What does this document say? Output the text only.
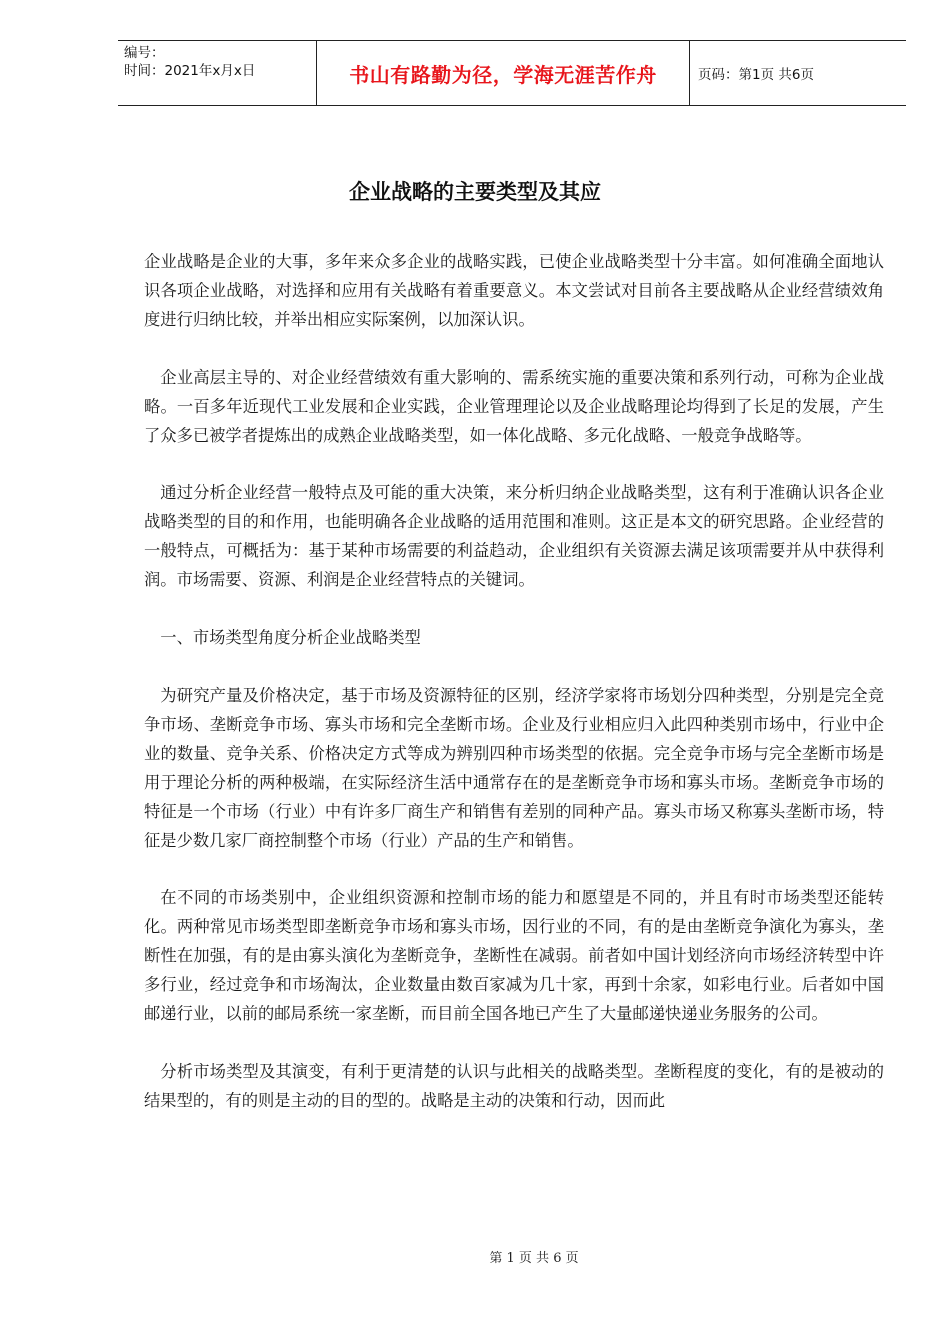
编号：
时间：2021年x月x日	书山有路勤为径，学海无涯苦作舟	页码：第1页 共6页
企业战略的主要类型及其应

企业战略是企业的大事，多年来众多企业的战略实践，已使企业战略类型十分丰富。如何准确全面地认识各项企业战略，对选择和应用有关战略有着重要意义。本文尝试对目前各主要战略从企业经营绩效角度进行归纳比较，并举出相应实际案例，以加深认识。

企业高层主导的、对企业经营绩效有重大影响的、需系统实施的重要决策和系列行动，可称为企业战略。一百多年近现代工业发展和企业实践，企业管理理论以及企业战略理论均得到了长足的发展，产生了众多已被学者提炼出的成熟企业战略类型，如一体化战略、多元化战略、一般竞争战略等。

通过分析企业经营一般特点及可能的重大决策，来分析归纳企业战略类型，这有利于准确认识各企业战略类型的目的和作用，也能明确各企业战略的适用范围和准则。这正是本文的研究思路。企业经营的一般特点，可概括为：基于某种市场需要的利益趋动，企业组织有关资源去满足该项需要并从中获得利润。市场需要、资源、利润是企业经营特点的关键词。

一、市场类型角度分析企业战略类型

为研究产量及价格决定，基于市场及资源特征的区别，经济学家将市场划分四种类型，分别是完全竞争市场、垄断竞争市场、寡头市场和完全垄断市场。企业及行业相应归入此四种类别市场中，行业中企业的数量、竞争关系、价格决定方式等成为辨别四种市场类型的依据。完全竞争市场与完全垄断市场是用于理论分析的两种极端，在实际经济生活中通常存在的是垄断竞争市场和寡头市场。垄断竞争市场的特征是一个市场（行业）中有许多厂商生产和销售有差别的同种产品。寡头市场又称寡头垄断市场，特征是少数几家厂商控制整个市场（行业）产品的生产和销售。

在不同的市场类别中，企业组织资源和控制市场的能力和愿望是不同的，并且有时市场类型还能转化。两种常见市场类型即垄断竞争市场和寡头市场，因行业的不同，有的是由垄断竞争演化为寡头，垄断性在加强，有的是由寡头演化为垄断竞争，垄断性在减弱。前者如中国计划经济向市场经济转型中许多行业，经过竞争和市场淘汰，企业数量由数百家减为几十家，再到十余家，如彩电行业。后者如中国邮递行业，以前的邮局系统一家垄断，而目前全国各地已产生了大量邮递快递业务服务的公司。

分析市场类型及其演变，有利于更清楚的认识与此相关的战略类型。垄断程度的变化，有的是被动的结果型的，有的则是主动的目的型的。战略是主动的决策和行动，因而此

第 1 页 共 6 页
